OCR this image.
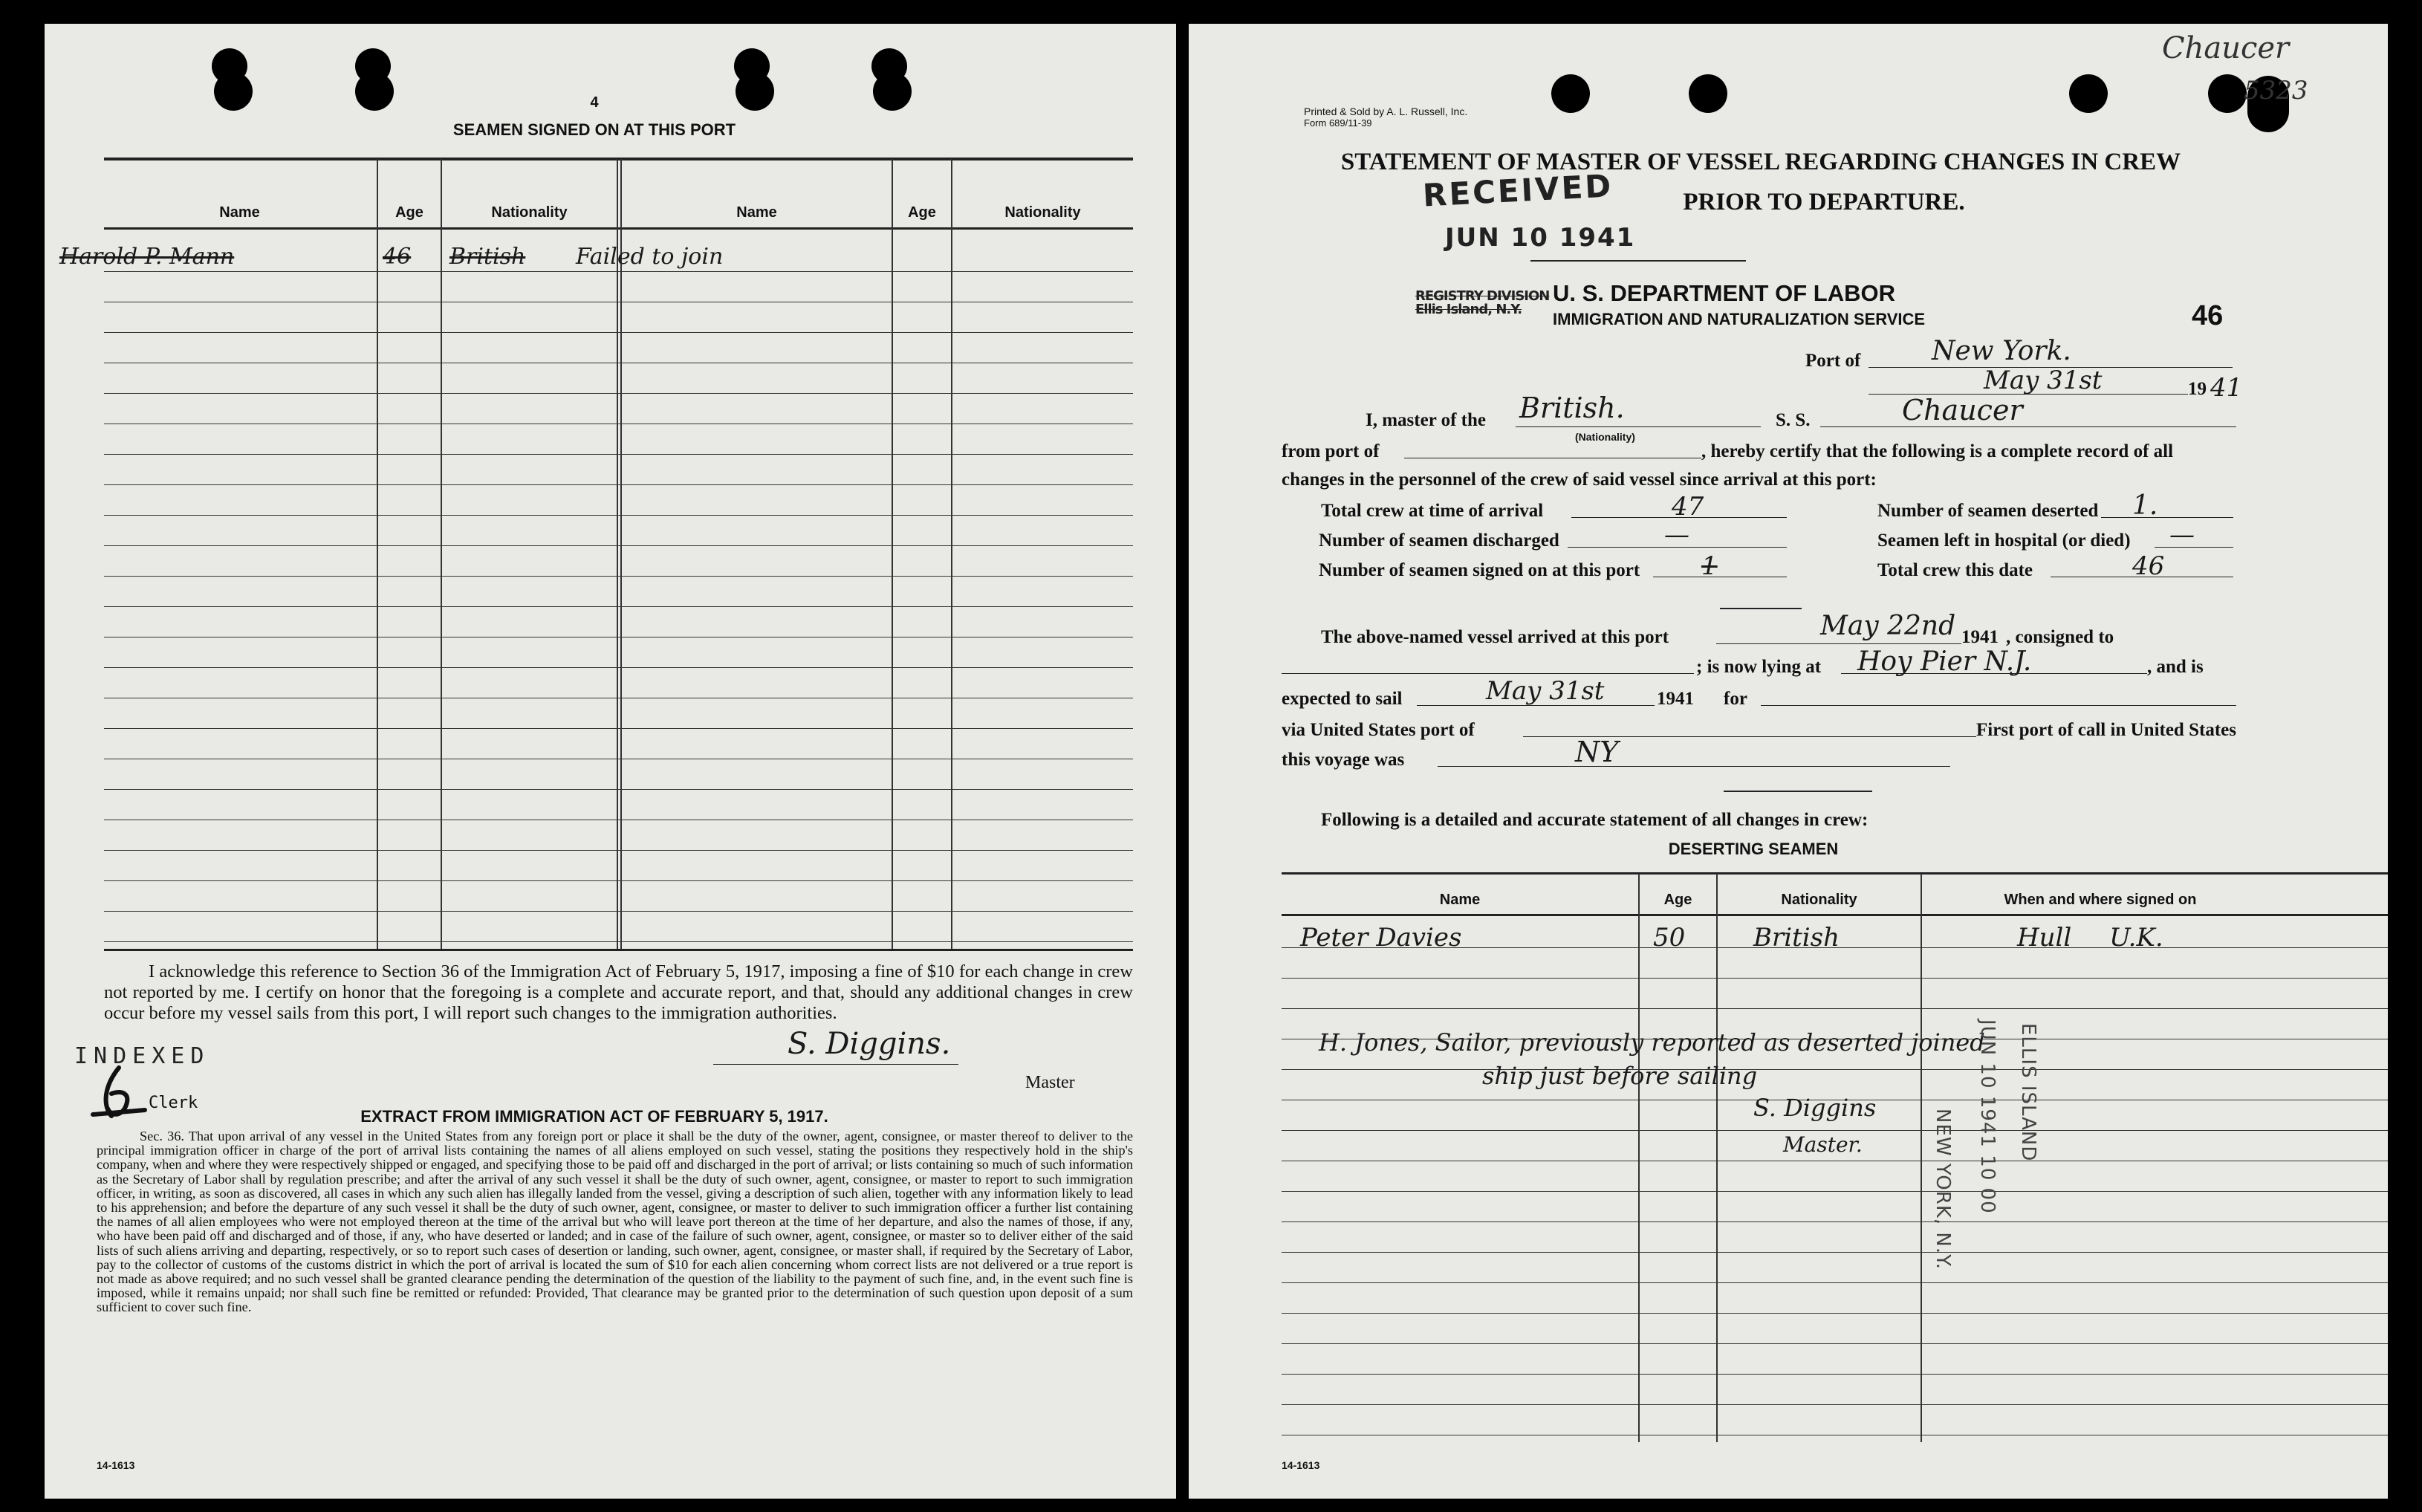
4
SEAMEN SIGNED ON AT THIS PORT
Name	Age	Nationality	Name	Age	Nationality
Harold P. Mann	46 British Failed to join
I acknowledge this reference to Section 36 of the Immigration Act of February 5, 1917, imposing a fine of $10 for each change in crew not reported by me. I certify on honor that the foregoing is a complete and accurate report, and that, should any additional changes in crew occur before my vessel sails from this port, I will report such changes to the immigration authorities.
S. Diggins.
Master
INDEXED
Clerk
EXTRACT FROM IMMIGRATION ACT OF FEBRUARY 5, 1917.
Sec. 36. That upon arrival of any vessel in the United States from any foreign port or place it shall be the duty of the owner, agent, consignee, or master thereof to deliver to the principal immigration officer in charge of the port of arrival lists containing the names of all aliens employed on such vessel, stating the positions they respectively hold in the ship's company, when and where they were respectively shipped or engaged, and specifying those to be paid off and discharged in the port of arrival; or lists containing so much of such information as the Secretary of Labor shall by regulation prescribe; and after the arrival of any such vessel it shall be the duty of such owner, agent, consignee, or master to report to such immigration officer, in writing, as soon as discovered, all cases in which any such alien has illegally landed from the vessel, giving a description of such alien, together with any information likely to lead to his apprehension; and before the departure of any such vessel it shall be the duty of such owner, agent, consignee, or master to deliver to such immigration officer a further list containing the names of all alien employees who were not employed thereon at the time of the arrival but who will leave port thereon at the time of her departure, and also the names of those, if any, who have been paid off and discharged and of those, if any, who have deserted or landed; and in case of the failure of such owner, agent, consignee, or master so to deliver either of the said lists of such aliens arriving and departing, respectively, or so to report such cases of desertion or landing, such owner, agent, consignee, or master shall, if required by the Secretary of Labor, pay to the collector of customs of the customs district in which the port of arrival is located the sum of $10 for each alien concerning whom correct lists are not delivered or a true report is not made as above required; and no such vessel shall be granted clearance pending the determination of the question of the liability to the payment of such fine, and, in the event such fine is imposed, while it remains unpaid; nor shall such fine be remitted or refunded: Provided, That clearance may be granted prior to the determination of such question upon deposit of a sum sufficient to cover such fine.
14-1613
Chaucer
5323
Printed & Sold by A. L. Russell, Inc.
Form 689/11-39
STATEMENT OF MASTER OF VESSEL REGARDING CHANGES IN CREW
PRIOR TO DEPARTURE.
RECEIVED
JUN 10 1941
REGISTRY DIVISION Ellis Island, N.Y.
U. S. DEPARTMENT OF LABOR
IMMIGRATION AND NATURALIZATION SERVICE	46
Port of	New York.
May 31st	19 41
I, master of the British.
(Nationality)
S. S.	Chaucer
from port of	, hereby certify that the following is a complete record of all
changes in the personnel of the crew of said vessel since arrival at this port:
Total crew at time of arrival	47
Number of seamen discharged	—
Number of seamen signed on at this port 1
Number of seamen deserted 1.
Seamen left in hospital (or died) —
Total crew this date	46
The above-named vessel arrived at this port	May 22nd 1941 , consigned to
; is now lying at Hoy Pier N.J.	, and is
expected to sail	May 31st	1941 for
via United States port of	First port of call in United States
this voyage was	NY
Following is a detailed and accurate statement of all changes in crew:
DESERTING SEAMEN
Name	Age	Nationality	When and where signed on
Peter Davies	50	British	Hull U.K.
H. Jones, Sailor, previously reported as deserted joined
ship just before sailing
S. Diggins
Master.	NEW YORK, N.Y. JUN 10 1941 10 00 ELLIS ISLAND
14-1613
